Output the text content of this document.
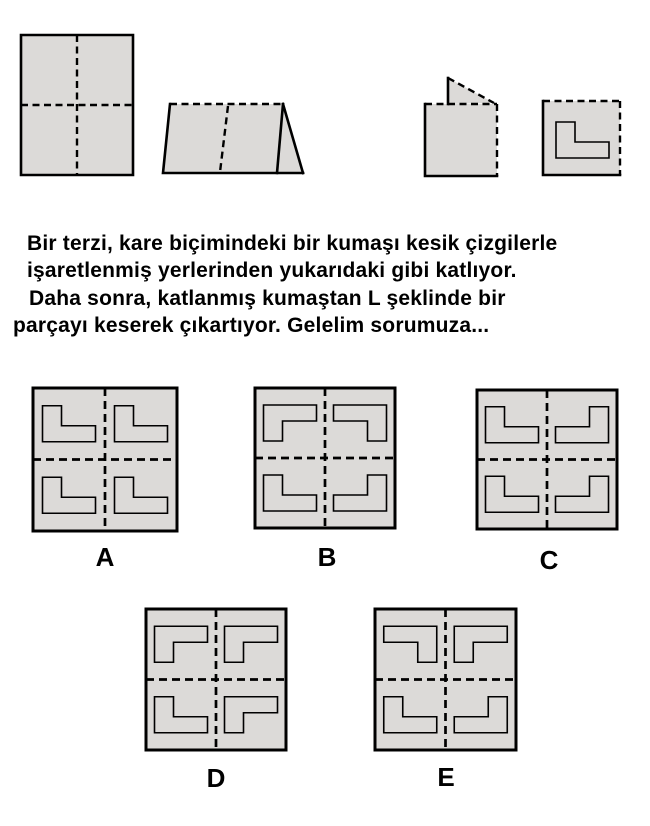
Bir terzi, kare biçimindeki bir kumaşı kesik çizgilerle
işaretlenmiş yerlerinden yukarıdaki gibi katlıyor.
Daha sonra, katlanmış kumaştan L şeklinde bir
parçayı keserek çıkartıyor. Gelelim sorumuza...
A	B	C
D	E
